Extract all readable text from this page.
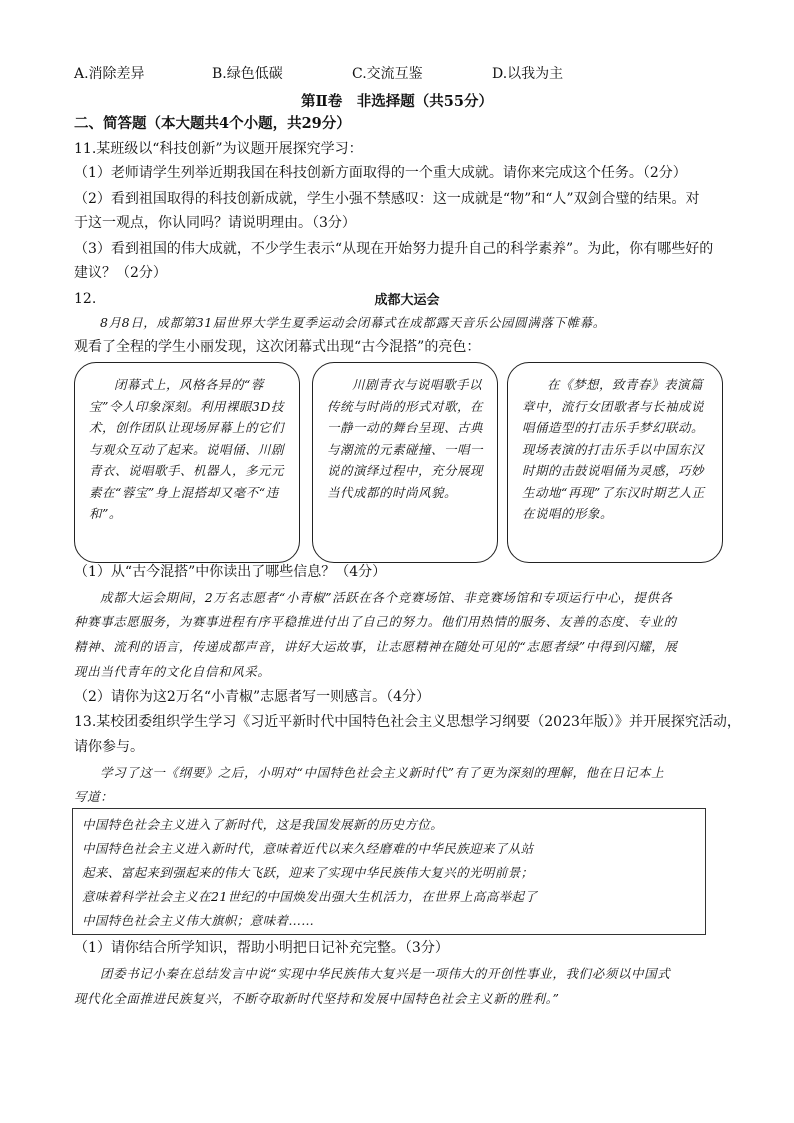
A.消除差异	B.绿色低碳	C.交流互鉴	D.以我为主
第Ⅱ卷　非选择题（共55分）
二、简答题（本大题共4个小题，共29分）
11.某班级以“科技创新”为议题开展探究学习：
（1）老师请学生列举近期我国在科技创新方面取得的一个重大成就。请你来完成这个任务。（2分）
（2）看到祖国取得的科技创新成就，学生小强不禁感叹：这一成就是“物”和“人”双剑合璧的结果。对
于这一观点，你认同吗？请说明理由。（3分）
（3）看到祖国的伟大成就，不少学生表示“从现在开始努力提升自己的科学素养”。为此，你有哪些好的
建议？（2分）
12.	成都大运会
8月8日，成都第31届世界大学生夏季运动会闭幕式在成都露天音乐公园圆满落下帷幕。
观看了全程的学生小丽发现，这次闭幕式出现“古今混搭”的亮色：

闭幕式上，风格各异的“蓉宝”令人印象深刻。利用裸眼3D技术，创作团队让现场屏幕上的它们与观众互动了起来。说唱俑、川剧青衣、说唱歌手、机器人，多元元素在“蓉宝”身上混搭却又毫不“违和”。

川剧青衣与说唱歌手以传统与时尚的形式对歌，在一静一动的舞台呈现、古典与潮流的元素碰撞、一唱一说的演绎过程中，充分展现当代成都的时尚风貌。

在《梦想，致青春》表演篇章中，流行女团歌者与长袖成说唱俑造型的打击乐手梦幻联动。现场表演的打击乐手以中国东汉时期的击鼓说唱俑为灵感，巧妙生动地“再现”了东汉时期艺人正在说唱的形象。

（1）从“古今混搭”中你读出了哪些信息？（4分）
成都大运会期间，2万名志愿者“小青椒”活跃在各个竞赛场馆、非竞赛场馆和专项运行中心，提供各
种赛事志愿服务，为赛事进程有序平稳推进付出了自己的努力。他们用热情的服务、友善的态度、专业的
精神、流利的语言，传递成都声音，讲好大运故事，让志愿精神在随处可见的“志愿者绿”中得到闪耀，展
现出当代青年的文化自信和风采。
（2）请你为这2万名“小青椒”志愿者写一则感言。（4分）
13.某校团委组织学生学习《习近平新时代中国特色社会主义思想学习纲要（2023年版）》并开展探究活动，
请你参与。
学习了这一《纲要》之后，小明对“中国特色社会主义新时代”有了更为深刻的理解，他在日记本上
写道：
中国特色社会主义进入了新时代，这是我国发展新的历史方位。
中国特色社会主义进入新时代，意味着近代以来久经磨难的中华民族迎来了从站
起来、富起来到强起来的伟大飞跃，迎来了实现中华民族伟大复兴的光明前景；
意味着科学社会主义在21世纪的中国焕发出强大生机活力，在世界上高高举起了
中国特色社会主义伟大旗帜；意味着……
（1）请你结合所学知识，帮助小明把日记补充完整。（3分）
团委书记小秦在总结发言中说“实现中华民族伟大复兴是一项伟大的开创性事业，我们必须以中国式
现代化全面推进民族复兴，不断夺取新时代坚持和发展中国特色社会主义新的胜利。”
